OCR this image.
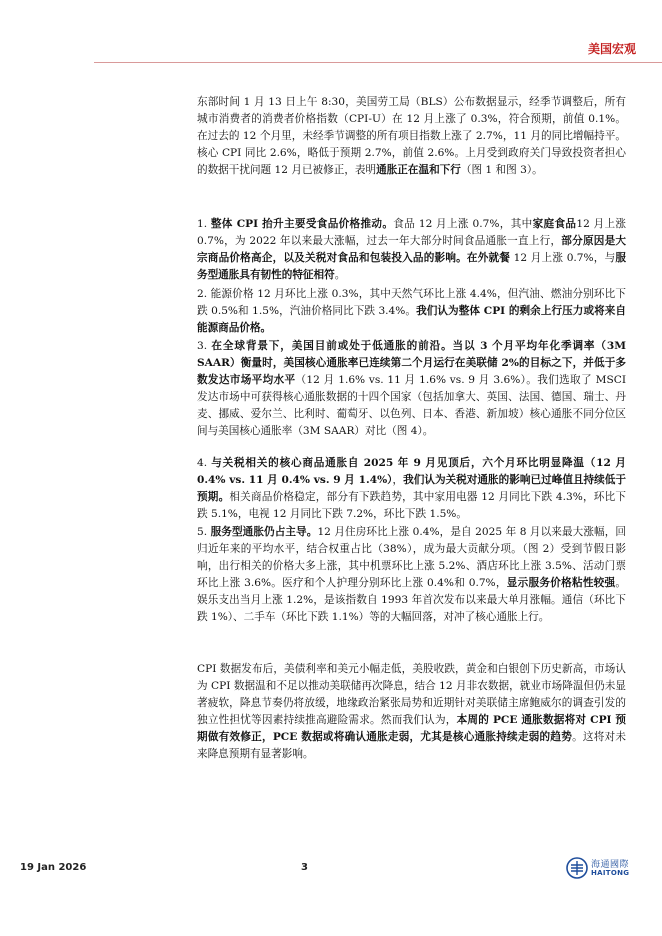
美国宏观

东部时间 1 月 13 日上午 8:30，美国劳工局（BLS）公布数据显示，经季节调整后，所有城市消费者的消费者价格指数（CPI-U）在 12 月上涨了 0.3%，符合预期，前值 0.1%。在过去的 12 个月里，未经季节调整的所有项目指数上涨了 2.7%，11 月的同比增幅持平。核心 CPI 同比 2.6%，略低于预期 2.7%，前值 2.6%。上月受到政府关门导致投资者担心的数据干扰问题 12 月已被修正，表明通胀正在温和下行（图 1 和图 3）。

1. 整体 CPI 抬升主要受食品价格推动。食品 12 月上涨 0.7%，其中家庭食品12 月上涨 0.7%，为 2022 年以来最大涨幅，过去一年大部分时间食品通胀一直上行，部分原因是大宗商品价格高企，以及关税对食品和包装投入品的影响。在外就餐 12 月上涨 0.7%，与服务型通胀具有韧性的特征相符。

2. 能源价格 12 月环比上涨 0.3%，其中天然气环比上涨 4.4%，但汽油、燃油分别环比下跌 0.5%和 1.5%，汽油价格同比下跌 3.4%。我们认为整体 CPI 的剩余上行压力或将来自能源商品价格。

3. 在全球背景下，美国目前或处于低通胀的前沿。当以 3 个月平均年化季调率（3M SAAR）衡量时，美国核心通胀率已连续第二个月运行在美联储 2%的目标之下，并低于多数发达市场平均水平（12 月 1.6% vs. 11 月 1.6% vs. 9 月 3.6%）。我们选取了 MSCI 发达市场中可获得核心通胀数据的十四个国家（包括加拿大、英国、法国、德国、瑞士、丹麦、挪威、爱尔兰、比利时、葡萄牙、以色列、日本、香港、新加坡）核心通胀不同分位区间与美国核心通胀率（3M SAAR）对比（图 4）。

4. 与关税相关的核心商品通胀自 2025 年 9 月见顶后，六个月环比明显降温（12 月 0.4% vs. 11 月 0.4% vs. 9 月 1.4%），我们认为关税对通胀的影响已过峰值且持续低于预期。相关商品价格稳定，部分有下跌趋势，其中家用电器 12 月同比下跌 4.3%，环比下跌 5.1%，电视 12 月同比下跌 7.2%，环比下跌 1.5%。

5. 服务型通胀仍占主导。12 月住房环比上涨 0.4%，是自 2025 年 8 月以来最大涨幅，回归近年来的平均水平，结合权重占比（38%），成为最大贡献分项。（图 2）受到节假日影响，出行相关的价格大多上涨，其中机票环比上涨 5.2%、酒店环比上涨 3.5%、活动门票环比上涨 3.6%。医疗和个人护理分别环比上涨 0.4%和 0.7%，显示服务价格粘性较强。娱乐支出当月上涨 1.2%，是该指数自 1993 年首次发布以来最大单月涨幅。通信（环比下跌 1%）、二手车（环比下跌 1.1%）等的大幅回落，对冲了核心通胀上行。

CPI 数据发布后，美债利率和美元小幅走低，美股收跌，黄金和白银创下历史新高，市场认为 CPI 数据温和不足以推动美联储再次降息，结合 12 月非农数据，就业市场降温但仍未显著疲软，降息节奏仍将放缓，地缘政治紧张局势和近期针对美联储主席鲍威尔的调查引发的独立性担忧等因素持续推高避险需求。然而我们认为，本周的 PCE 通胀数据将对 CPI 预期做有效修正，PCE 数据或将确认通胀走弱，尤其是核心通胀持续走弱的趋势。这将对未来降息预期有显著影响。

19 Jan 2026	3	海通國際
HAITONG
